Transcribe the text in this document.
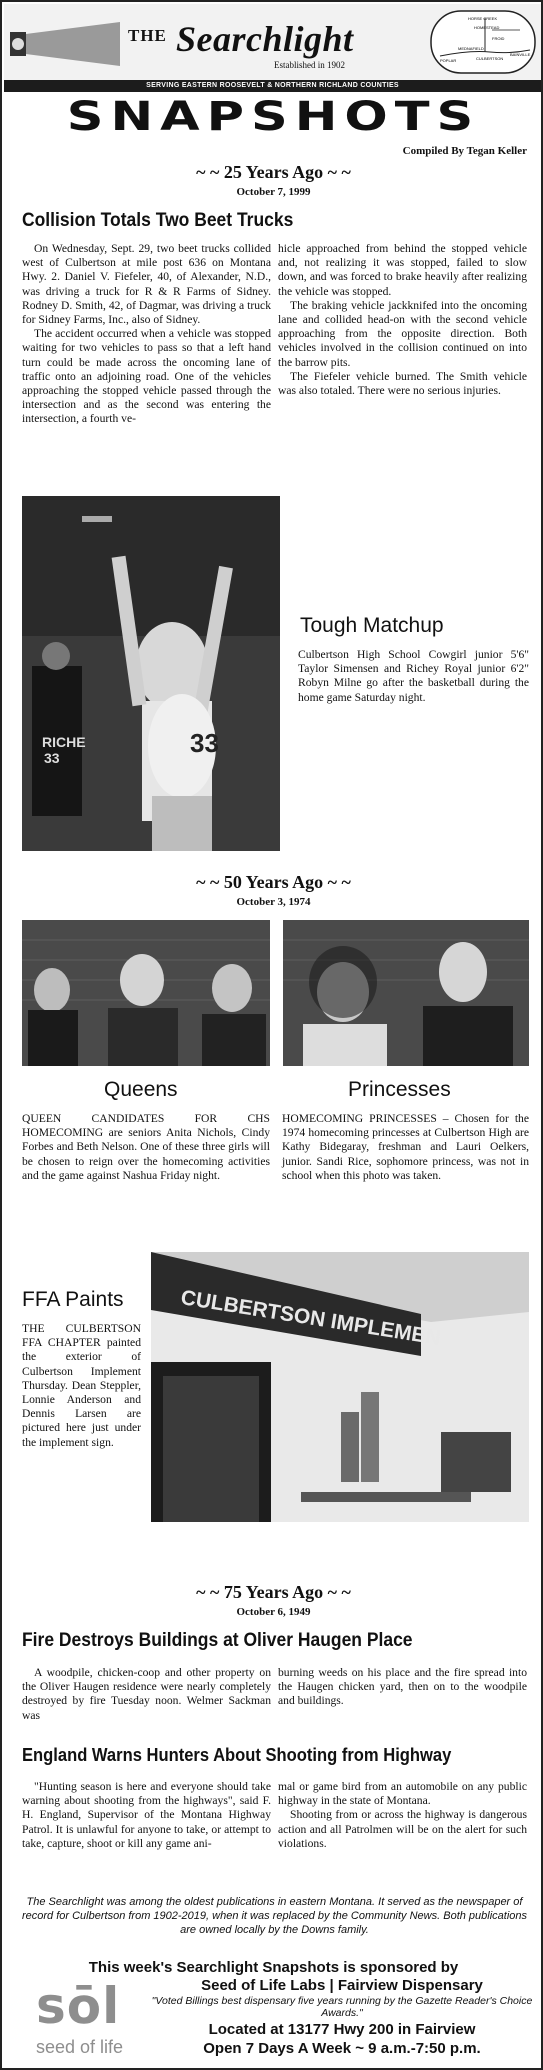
THE Searchlight
Established in 1902
HORSE CREEK
HOMESTEAD
FROID
BAINVILLE
CULBERTSON
POPLAR
MEDNAFIELD
SERVING EASTERN ROOSEVELT & NORTHERN RICHLAND COUNTIES
SNAPSHOTS
Compiled By Tegan Keller
~ ~ 25 Years Ago ~ ~
October 7, 1999
Collision Totals Two Beet Trucks

On Wednesday, Sept. 29, two beet trucks collided west of Culbertson at mile post 636 on Montana Hwy. 2. Daniel V. Fiefeler, 40, of Alexander, N.D., was driving a truck for R & R Farms of Sidney. Rodney D. Smith, 42, of Dagmar, was driving a truck for Sidney Farms, Inc., also of Sidney.

The accident occurred when a vehicle was stopped waiting for two vehicles to pass so that a left hand turn could be made across the oncoming lane of traffic onto an adjoining road. One of the vehicles approaching the stopped vehicle passed through the intersection and as the second was entering the intersection, a fourth ve-

hicle approached from behind the stopped vehicle and, not realizing it was stopped, failed to slow down, and was forced to brake heavily after realizing the vehicle was stopped.

The braking vehicle jackknifed into the oncoming lane and collided head-on with the second vehicle approaching from the opposite direction. Both vehicles involved in the collision continued on into the barrow pits.

The Fiefeler vehicle burned. The Smith vehicle was also totaled. There were no serious injuries.

33
RICHE
33
Tough Matchup
Culbertson High School Cowgirl junior 5'6" Taylor Simensen and Richey Royal junior 6'2" Robyn Milne go after the basketball during the home game Saturday night.
~ ~ 50 Years Ago ~ ~
October 3, 1974
Queens	Princesses
QUEEN CANDIDATES FOR CHS HOMECOMING are seniors Anita Nichols, Cindy Forbes and Beth Nelson. One of these three girls will be chosen to reign over the homecoming activities and the game against Nashua Friday night.
HOMECOMING PRINCESSES – Chosen for the 1974 homecoming princesses at Culbertson High are Kathy Bidegaray, freshman and Lauri Oelkers, junior. Sandi Rice, sophomore princess, was not in school when this photo was taken.
CULBERTSON IMPLEMEN
FFA Paints
THE CULBERTSON FFA CHAPTER painted the exterior of Culbertson Implement Thursday. Dean Steppler, Lonnie Anderson and Dennis Larsen are pictured here just under the implement sign.
~ ~ 75 Years Ago ~ ~
October 6, 1949
Fire Destroys Buildings at Oliver Haugen Place

A woodpile, chicken-coop and other property on the Oliver Haugen residence were nearly completely destroyed by fire Tuesday noon. Welmer Sackman was

burning weeds on his place and the fire spread into the Haugen chicken yard, then on to the woodpile and buildings.

England Warns Hunters About Shooting from Highway

"Hunting season is here and everyone should take warning about shooting from the highways", said F. H. England, Supervisor of the Montana Highway Patrol. It is unlawful for anyone to take, or attempt to take, capture, shoot or kill any game ani-

mal or game bird from an automobile on any public highway in the state of Montana.

Shooting from or across the highway is dangerous action and all Patrolmen will be on the alert for such violations.

The Searchlight was among the oldest publications in eastern Montana. It served as the newspaper of record for Culbertson from 1902-2019, when it was replaced by the Community News. Both publications are owned locally by the Downs family.
This week's Searchlight Snapshots is sponsored by
sōl
seed of life
Seed of Life Labs | Fairview Dispensary
"Voted Billings best dispensary five years running by the Gazette Reader's Choice Awards."
Located at 13177 Hwy 200 in Fairview
Open 7 Days A Week ~ 9 a.m.-7:50 p.m.
